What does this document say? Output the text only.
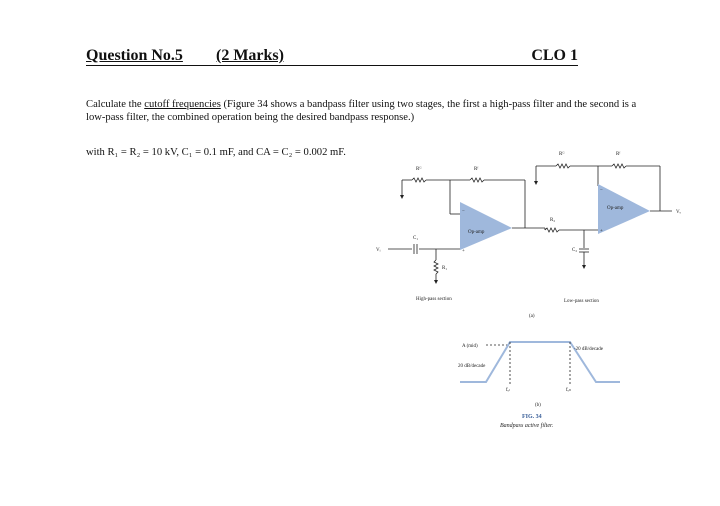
Question No.5 (2 Marks)	CLO 1
Calculate the cutoff frequencies (Figure 34 shows a bandpass filter using two stages, the first a high-pass filter and the second is a low-pass filter, the combined operation being the desired bandpass response.)
with R₁ = R₂ = 10 kV, C₁ = 0.1 mF, and CA = C₂ = 0.002 mF.
Rᴳ	Rᶠ
Op-amp
−
+
Vᵢ
C₁
R₁
High-pass section
Rᴳ	Rᶠ
Op-amp
−
+
R₂
C₂
Vₒ
Low-pass section
(a)
A (mid)
20 dB/decade
-20 dB/decade
fₒₗ	fₒₕ
(b)
FIG. 34
Bandpass active filter.
